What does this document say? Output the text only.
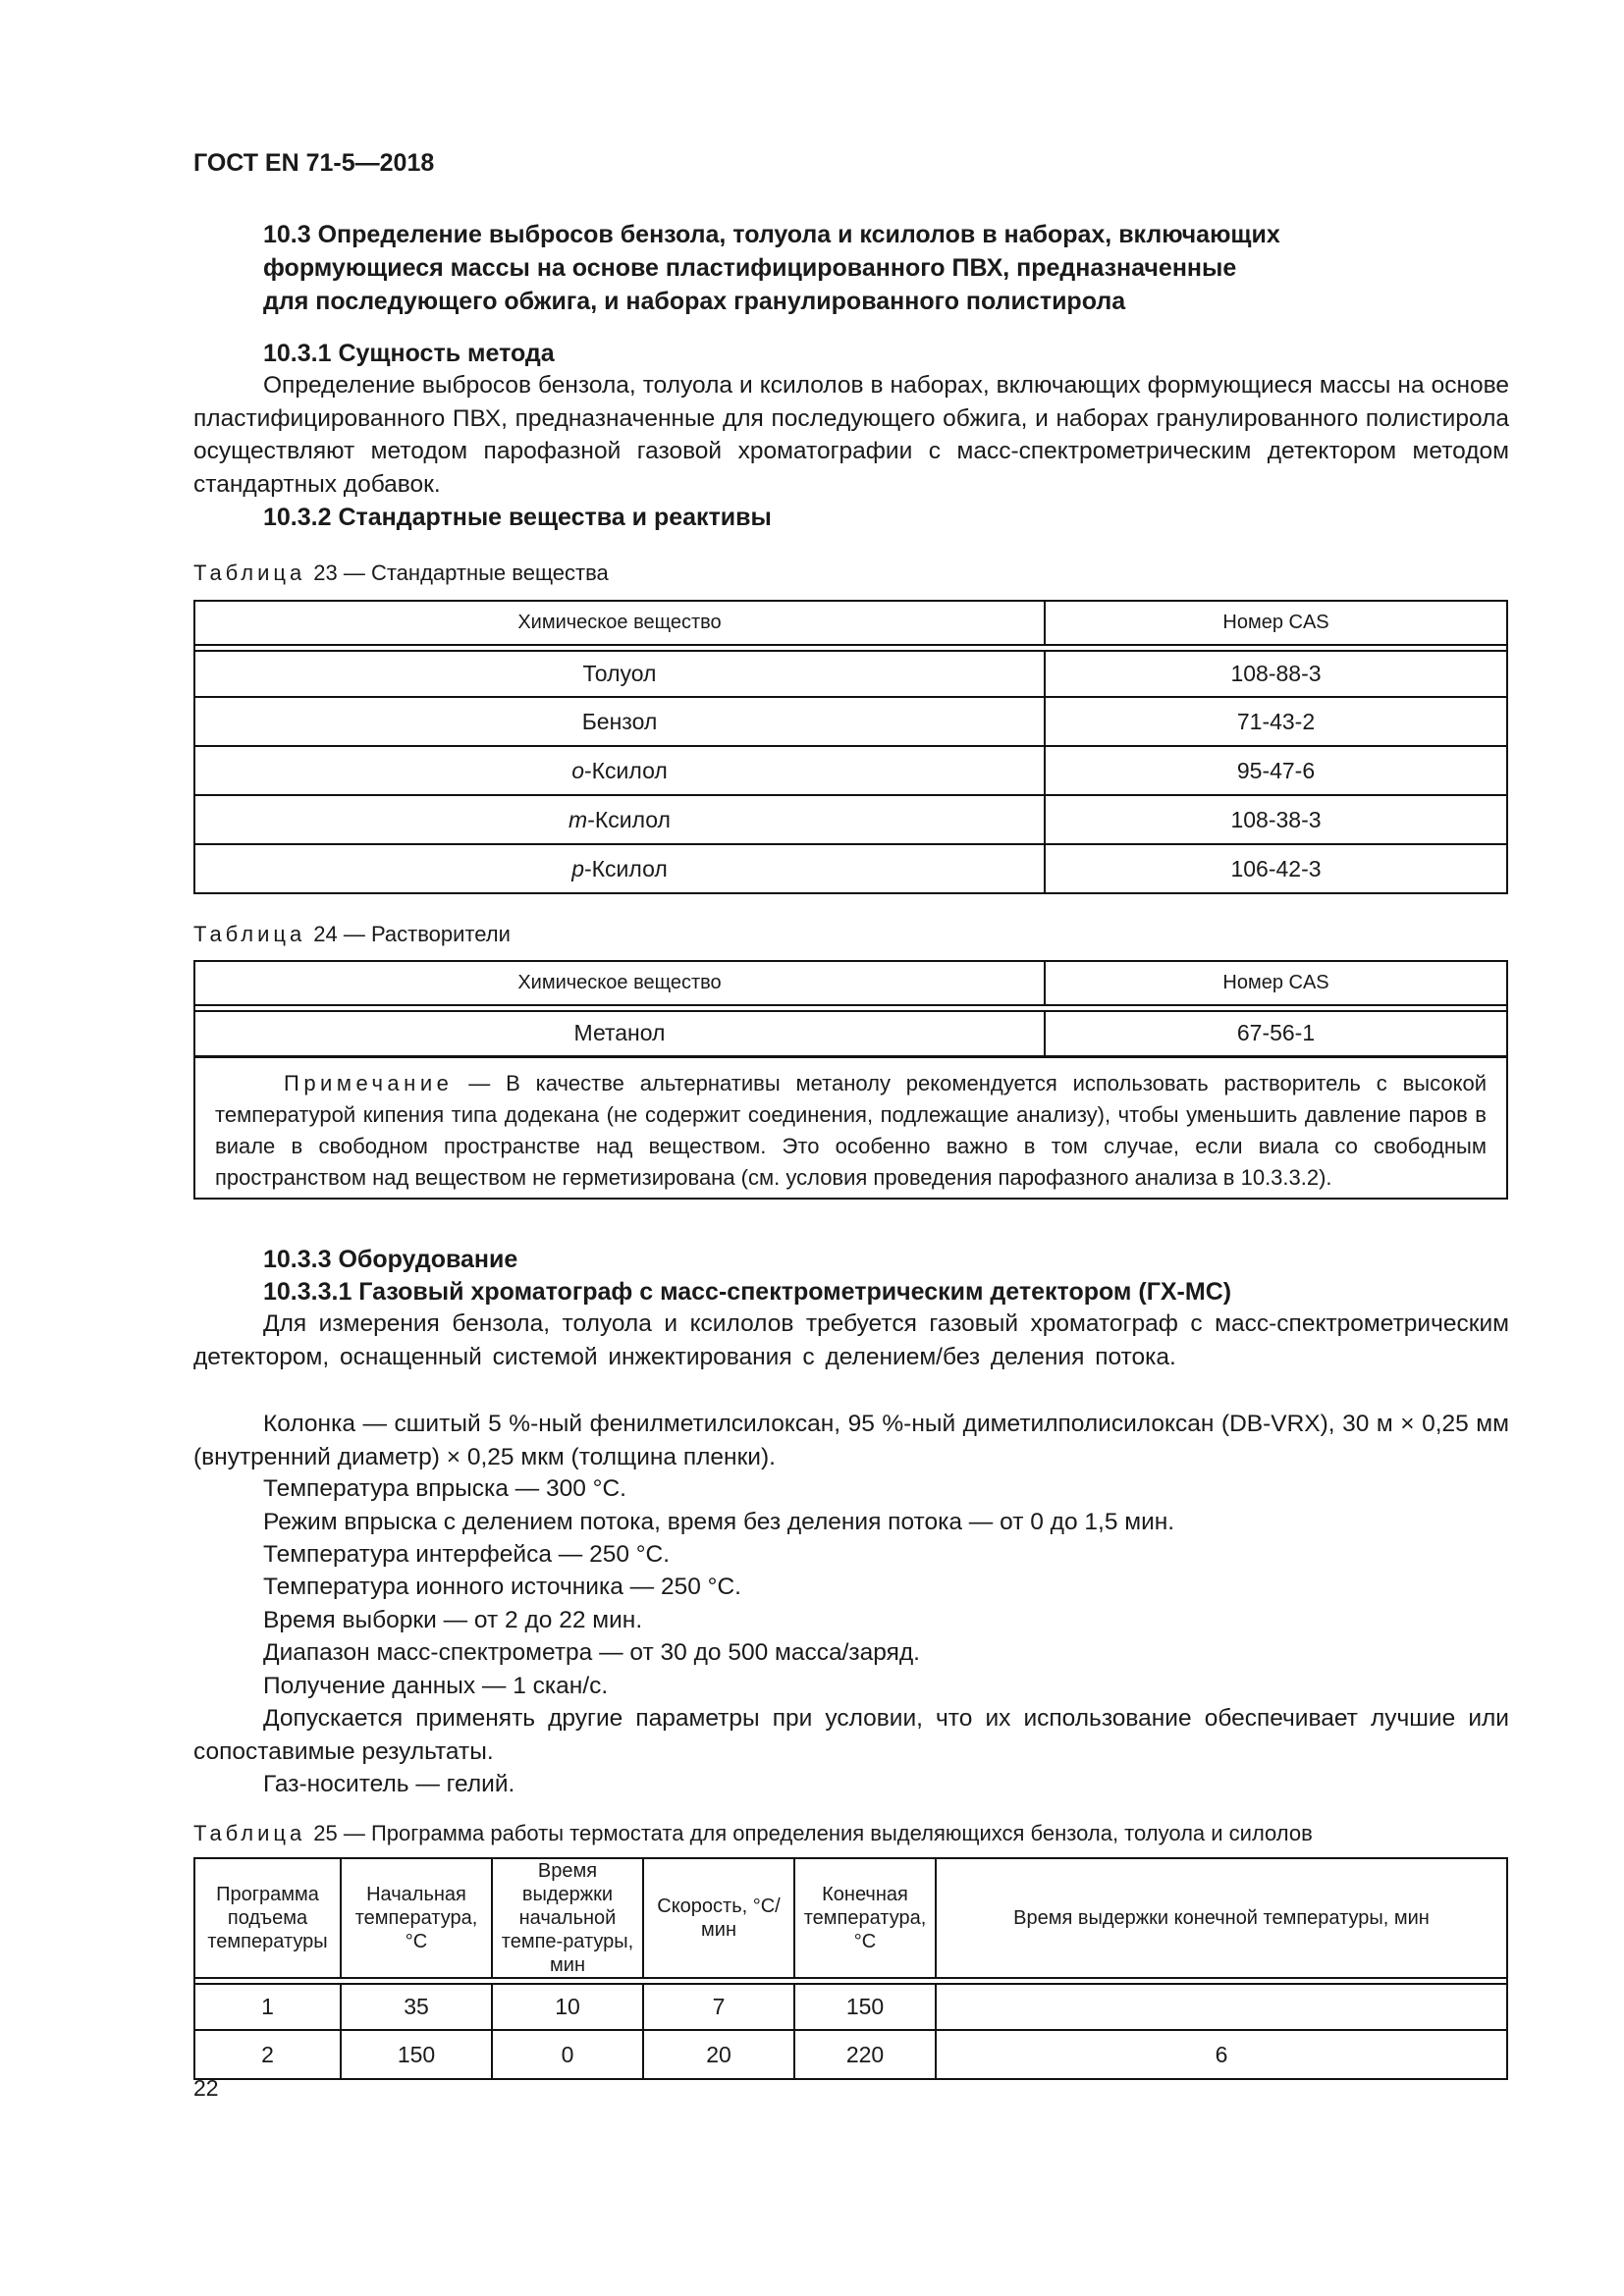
ГОСТ EN 71-5—2018
10.3 Определение выбросов бензола, толуола и ксилолов в наборах, включающих
формующиеся массы на основе пластифицированного ПВХ, предназначенные
для последующего обжига, и наборах гранулированного полистирола
10.3.1 Сущность метода
Определение выбросов бензола, толуола и ксилолов в наборах, включающих формующиеся массы на основе пластифицированного ПВХ, предназначенные для последующего обжига, и наборах гранулированного полистирола осуществляют методом парофазной газовой хроматографии с масс-спектрометрическим детектором методом стандартных добавок.
10.3.2 Стандартные вещества и реактивы
Таблица 23 — Стандартные вещества
Химическое вещество	Номер CAS

Толуол	108-88-3
Бензол	71-43-2
o-Ксилол	95-47-6
m-Ксилол	108-38-3
p-Ксилол	106-42-3
Таблица 24 — Растворители
Химическое вещество	Номер CAS

Метанол	67-56-1

Примечание — В качестве альтернативы метанолу рекомендуется использовать растворитель с высокой температурой кипения типа додекана (не содержит соединения, подлежащие анализу), чтобы уменьшить давление паров в виале в свободном пространстве над веществом. Это особенно важно в том случае, если виала со свободным пространством над веществом не герметизирована (см. условия проведения парофазного анализа в 10.3.3.2).	
10.3.3 Оборудование
10.3.3.1 Газовый хроматограф с масс-спектрометрическим детектором (ГХ-МС)
Для измерения бензола, толуола и ксилолов требуется газовый хроматограф с масс-спектрометрическим детектором, оснащенный системой инжектирования с делением/без деления потока.
Колонка — сшитый 5 %-ный фенилметилсилоксан, 95 %-ный диметилполисилоксан (DB-VRX), 30 м × 0,25 мм (внутренний диаметр) × 0,25 мкм (толщина пленки).
Температура впрыска — 300 °С.
Режим впрыска с делением потока, время без деления потока — от 0 до 1,5 мин.
Температура интерфейса — 250 °С.
Температура ионного источника — 250 °С.
Время выборки — от 2 до 22 мин.
Диапазон масс-спектрометра — от 30 до 500 масса/заряд.
Получение данных — 1 скан/с.
Допускается применять другие параметры при условии, что их использование обеспечивает лучшие или сопоставимые результаты.
Газ-носитель — гелий.
Таблица 25 — Программа работы термостата для определения выделяющихся бензола, толуола и силолов
Программа подъема температуры	Начальная температура, °С	Время выдержки начальной темпе-ратуры, мин	Скорость, °С/мин	Конечная температура, °С	Время выдержки конечной температуры, мин

1	35	10	7	150	
2	150	0	20	220	6
22
